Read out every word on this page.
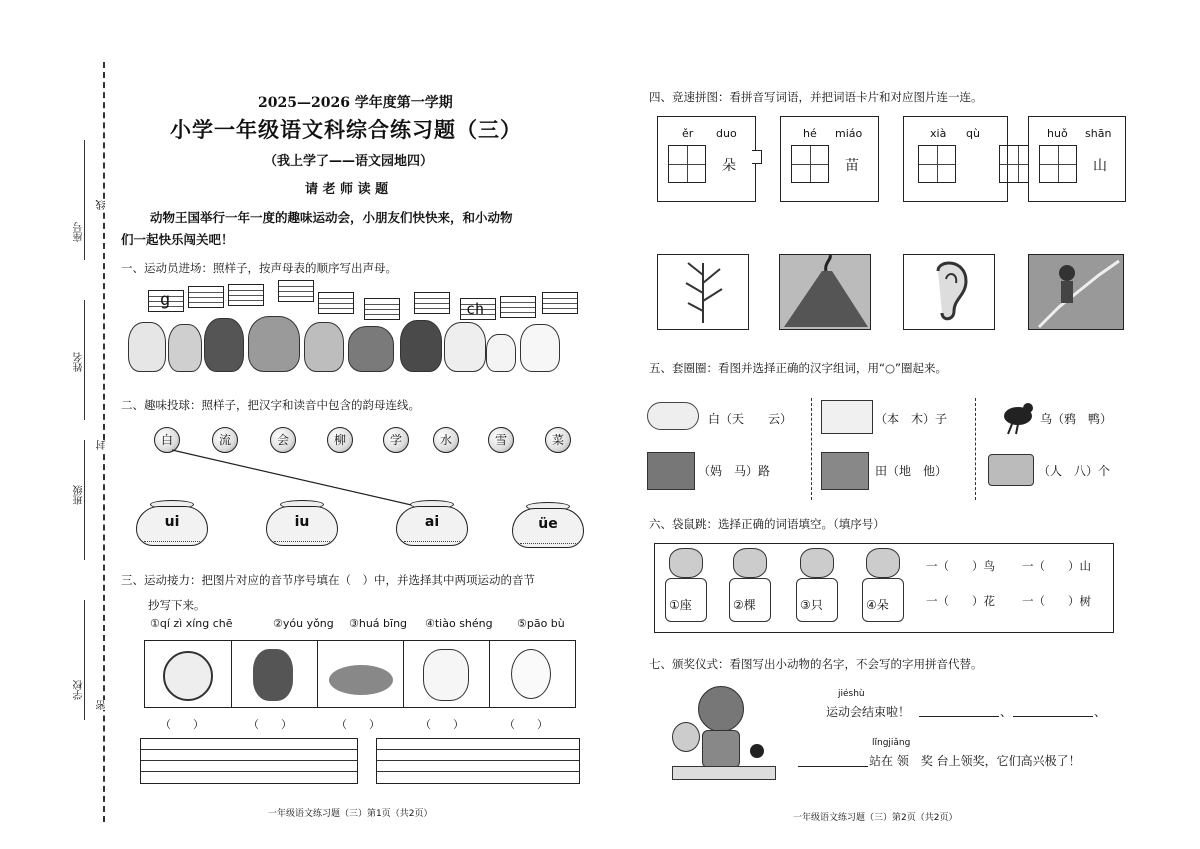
座号
姓名
班级
学校
线
封
密
2025—2026 学年度第一学期
小学一年级语文科综合练习题（三）
（我上学了——语文园地四）
请 老 师 读 题
动物王国举行一年一度的趣味运动会，小朋友们快快来，和小动物
们一起快乐闯关吧！
一、运动员进场：照样子，按声母表的顺序写出声母。
g	ch
二、趣味投球：照样子，把汉字和读音中包含的韵母连线。
白	流	会	柳	学	水	雪	菜
ui	iu	ai	üe
三、运动接力：把图片对应的音节序号填在（　）中，并选择其中两项运动的音节
抄写下来。
①qí zì xíng chē	②yóu yǒng ③huá bīng ④tiào shéng ⑤pāo bù
（　　）	（　　）	（　　）	（　　）	（　　）
一年级语文练习题（三）第1页（共2页）
四、竞速拼图：看拼音写词语，并把词语卡片和对应图片连一连。
ěr duo
朵
hé miáo
苗
xià qù
	huǒ shān
山
五、套圈圈：看图并选择正确的汉字组词，用“○”圈起来。
白（天　　云）	（本　木）子	乌（鸦　鸭）
（妈　马）路	田（地　他）	（人　八）个
六、袋鼠跳：选择正确的词语填空。（填序号）
①座	②棵	③只	④朵
一（　　）鸟 一（　　）山
一（　　）花 一（　　）树
七、颁奖仪式：看图写出小动物的名字，不会写的字用拼音代替。
jiéshù
运动会结束啦！	、	、
lǐngjiǎng
站在 领　奖 台上领奖，它们高兴极了！
一年级语文练习题（三）第2页（共2页）
